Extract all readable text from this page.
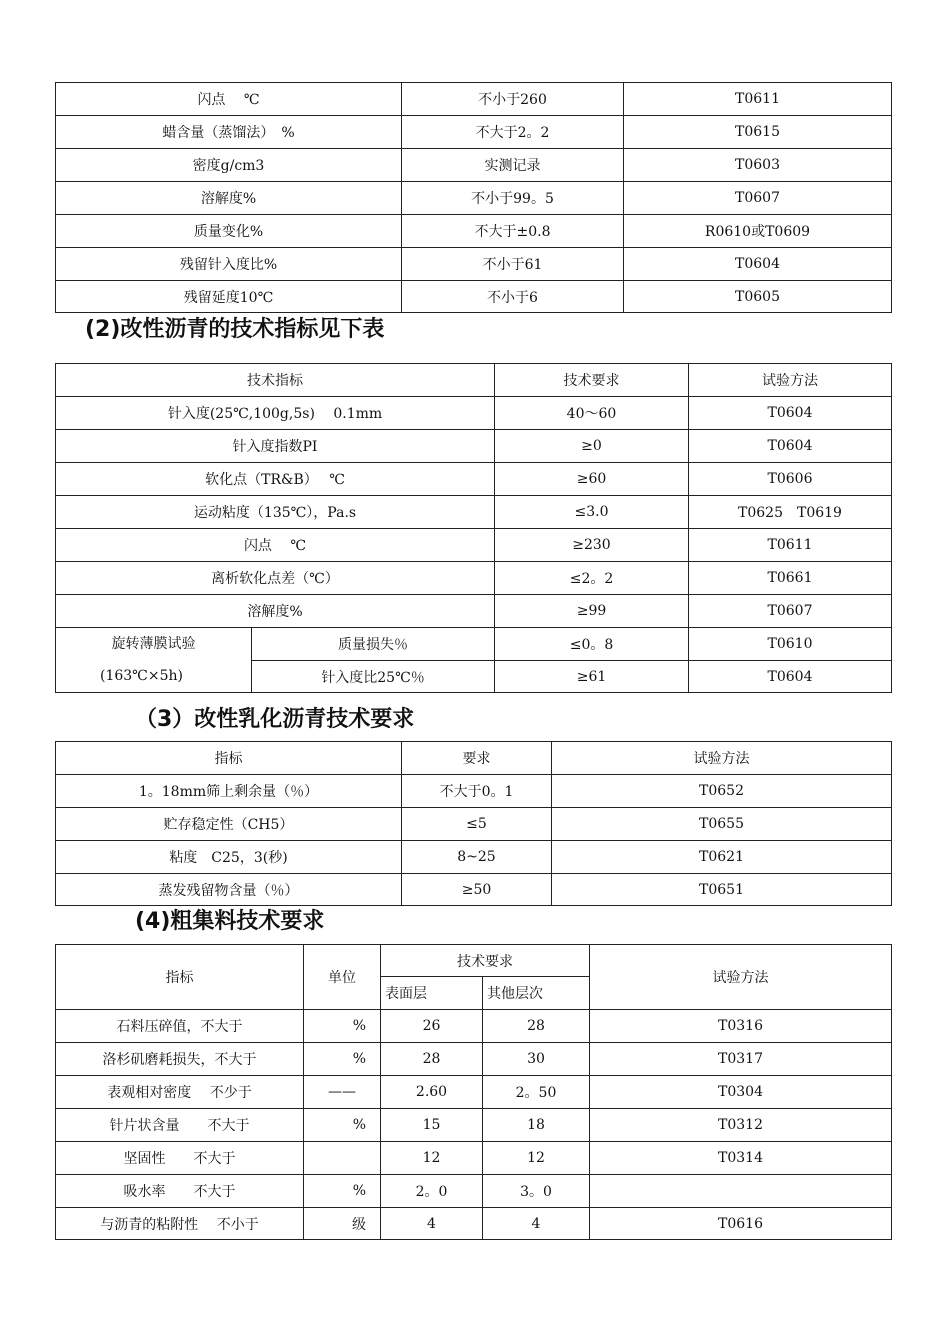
闪点　 ℃	不小于260	T0611
蜡含量（蒸馏法）　%	不大于2。2	T0615
密度g/cm3	实测记录	T0603
溶解度%	不小于99。5	T0607
质量变化%	不大于±0.8	R0610或T0609
残留针入度比%	不小于61	T0604
残留延度10℃	不小于6	T0605
(2)改性沥青的技术指标见下表
技术指标		技术要求	试验方法
针入度(25℃,100g,5s)　 0.1mm		40～60	T0604
针入度指数PI		≥0	T0604
软化点（TR&B）　 ℃		≥60	T0606
运动粘度（135℃），Pa.s		≤3.0	T0625　T0619
闪点　 ℃		≥230	T0611
离析软化点差（℃）		≤2。2	T0661
溶解度%		≥99	T0607

旋转薄膜试验
(163℃×5h)	质量损失％	≤0。8	T0610
	针入度比25℃％	≥61	T0604
（3）改性乳化沥青技术要求
指标	要求	试验方法
1。18mm筛上剩余量（％）	不大于0。1	T0652
贮存稳定性（CH5）	≤5	T0655
粘度　C25，3(秒)	8~25	T0621
蒸发残留物含量（％）	≥50	T0651
(4)粗集料技术要求
指标	单位	技术要求		试验方法
		表面层	其他层次	
石料压碎值，不大于	%	26	28	T0316
洛杉矶磨耗损失，不大于	%	28	30	T0317
表观相对密度　 不少于	——	2.60	2。50	T0304
针片状含量　　不大于	%	15	18	T0312
坚固性　　不大于		12	12	T0314
吸水率　　不大于	%	2。0	3。0	
与沥青的粘附性　 不小于	级	4	4	T0616
